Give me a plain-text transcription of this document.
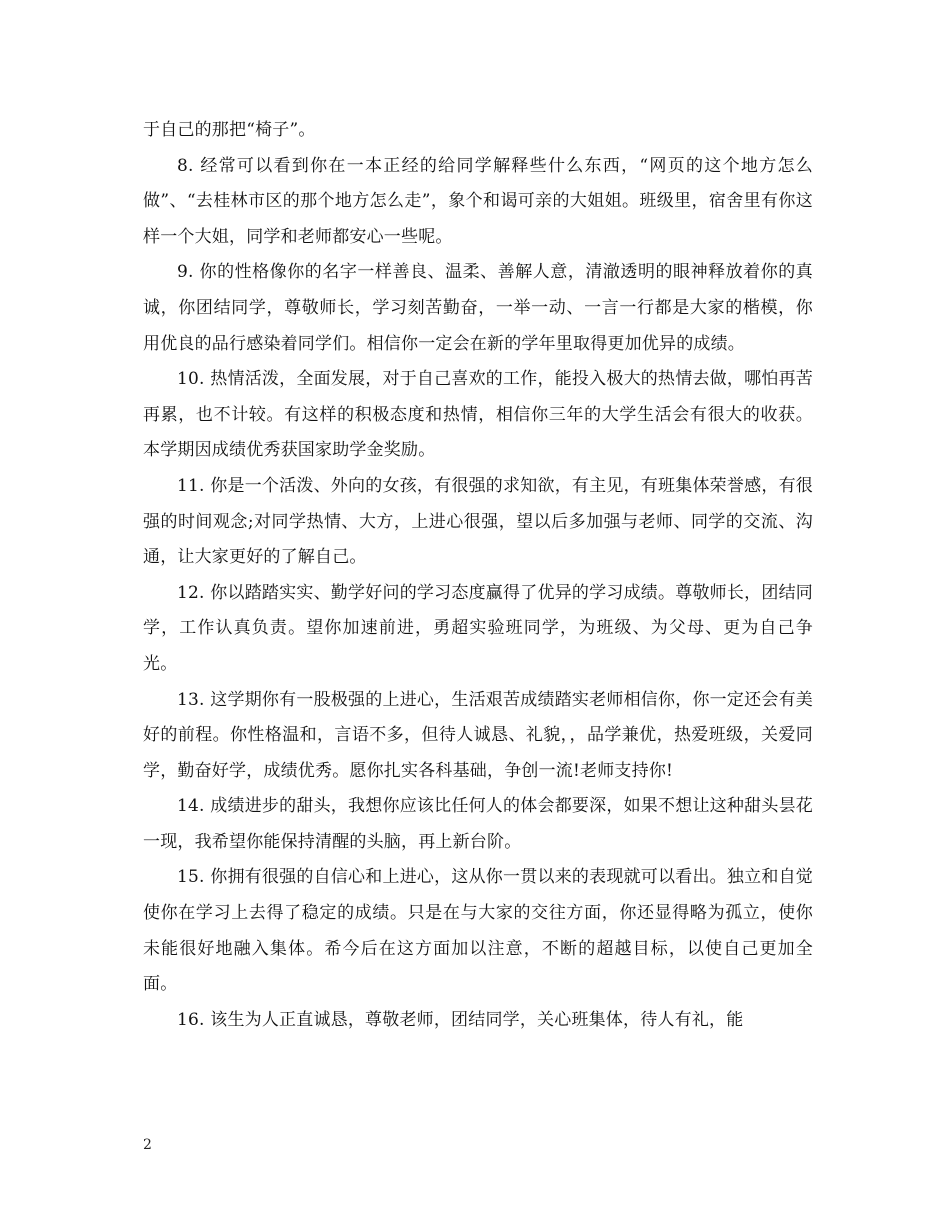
于自己的那把“椅子”。

8. 经常可以看到你在一本正经的给同学解释些什么东西，“网页的这个地方怎么做”、“去桂林市区的那个地方怎么走”，象个和谒可亲的大姐姐。班级里，宿舍里有你这样一个大姐，同学和老师都安心一些呢。

9. 你的性格像你的名字一样善良、温柔、善解人意，清澈透明的眼神释放着你的真诚，你团结同学，尊敬师长，学习刻苦勤奋，一举一动、一言一行都是大家的楷模，你用优良的品行感染着同学们。相信你一定会在新的学年里取得更加优异的成绩。

10. 热情活泼，全面发展，对于自己喜欢的工作，能投入极大的热情去做，哪怕再苦再累，也不计较。有这样的积极态度和热情，相信你三年的大学生活会有很大的收获。本学期因成绩优秀获国家助学金奖励。

11. 你是一个活泼、外向的女孩，有很强的求知欲，有主见，有班集体荣誉感，有很强的时间观念;对同学热情、大方，上进心很强，望以后多加强与老师、同学的交流、沟通，让大家更好的了解自己。

12. 你以踏踏实实、勤学好问的学习态度赢得了优异的学习成绩。尊敬师长，团结同学，工作认真负责。望你加速前进，勇超实验班同学，为班级、为父母、更为自己争光。

13. 这学期你有一股极强的上进心，生活艰苦成绩踏实老师相信你，你一定还会有美好的前程。你性格温和，言语不多，但待人诚恳、礼貌，，品学兼优，热爱班级，关爱同学，勤奋好学，成绩优秀。愿你扎实各科基础，争创一流!老师支持你!

14. 成绩进步的甜头，我想你应该比任何人的体会都要深，如果不想让这种甜头昙花一现，我希望你能保持清醒的头脑，再上新台阶。

15. 你拥有很强的自信心和上进心，这从你一贯以来的表现就可以看出。独立和自觉使你在学习上去得了稳定的成绩。只是在与大家的交往方面，你还显得略为孤立，使你未能很好地融入集体。希今后在这方面加以注意，不断的超越目标，以使自己更加全面。

16. 该生为人正直诚恳，尊敬老师，团结同学，关心班集体，待人有礼，能

2
